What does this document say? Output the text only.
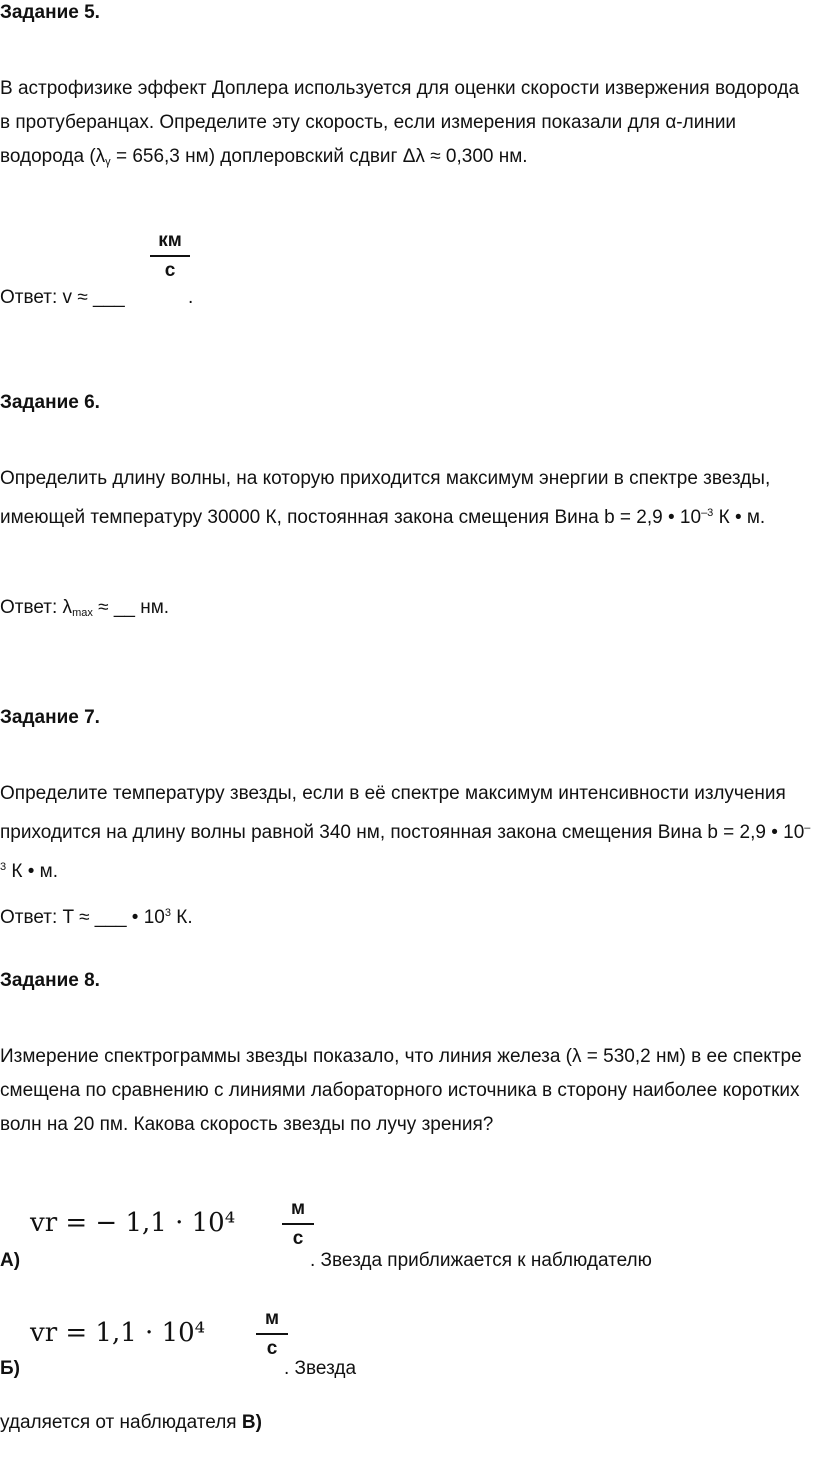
Задание 5.

В астрофизике эффект Доплера используется для оценки скорости извержения водорода в протуберанцах. Определите эту скорость, если измерения показали для α-линии водорода ($\lambda_\gamma = 656,3$ нм) доплеровский сдвиг Δλ ≈ 0,300 нм.

Ответ: v ≈ ___
км
с
.
Задание 6.

Определить длину волны, на которую приходится максимум энергии в спектре звезды, имеющей температуру 30000 К, постоянная закона смещения Вина b = 2,9 • $10^{-3}$ К • м.

Ответ: $\lambda_{max}$ ≈ __ нм.
Задание 7.

Определите температуру звезды, если в её спектре максимум интенсивности излучения приходится на длину волны равной 340 нм, постоянная закона смещения Вина b = 2,9 • $10^{-3}$ К • м.

Ответ: T ≈ ___ • $10^3$ К.
Задание 8.

Измерение спектрограммы звезды показало, что линия железа (λ = 530,2 нм) в ее спектре смещена по сравнению с линиями лабораторного источника в сторону наиболее коротких волн на 20 пм. Какова скорость звезды по лучу зрения?

vr = − 1,1 · 10⁴	м
с
А)	. Звезда приближается к наблюдателю
vr = 1,1 · 10⁴	м
с
Б)	. Звезда
удаляется от наблюдателя В)
